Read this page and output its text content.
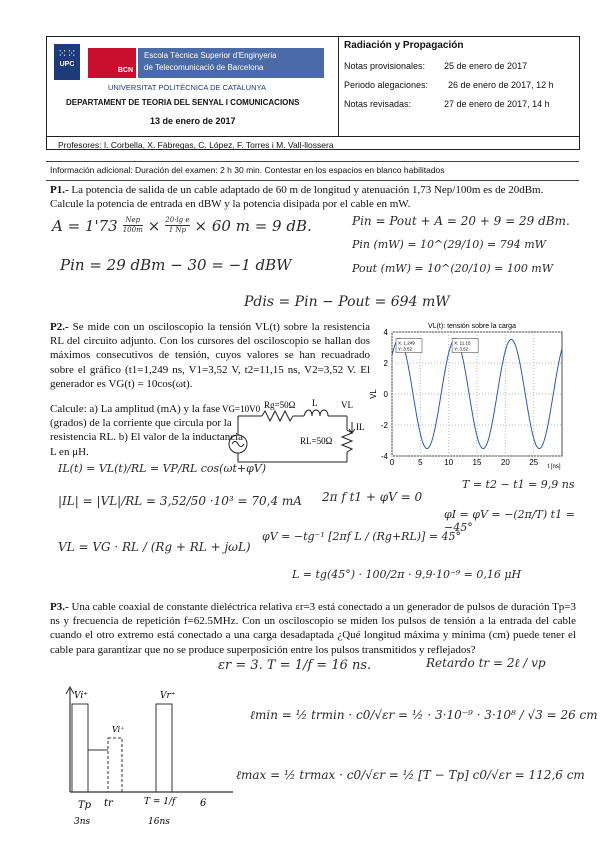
⁙⁙
UPC
BCN
Escola Tècnica Superior d'Enginyeria
de Telecomunicació de Barcelona
UNIVERSITAT POLITÈCNICA DE CATALUNYA
DEPARTAMENT DE TEORIA DEL SENYAL I COMUNICACIONS
13 de enero de 2017
Radiación y Propagación
Notas provisionales: 25 de enero de 2017
Periodo alegaciones: 26 de enero de 2017, 12 h
Notas revisadas:	27 de enero de 2017, 14 h
Profesores: I. Corbella, X. Fàbregas, C. López, F. Torres i M. Vall-llossera
Información adicional: Duración del examen: 2 h 30 min. Contestar en los espacios en blanco habilitados
P1.- La potencia de salida de un cable adaptado de 60 m de longitud y atenuación 1,73 Nep/100m es de 20dBm. Calcule la potencia de entrada en dBW y la potencia disipada por el cable en mW.
A = 1'73	Nep
$100m \times \frac{\text{20·lg e}}{1 Np} \times 60$ m = 9 dB.	Pin = Pout + A = 20 + 9 = 29 dBm.
Pin (mW) = 10^(29/10) = 794 mW
Pout (mW) = 10^(20/10) = 100 mW
Pin = 29 dBm − 30 = −1 dBW
Pdis = Pin − Pout = 694 mW
P2.- Se mide con un osciloscopio la tensión VL(t) sobre la resistencia RL del circuito adjunto. Con los cursores del osciloscopio se hallan dos máximos consecutivos de tensión, cuyos valores se han recuadrado sobre el gráfico (t1=1,249 ns, V1=3,52 V, t2=11,15 ns, V2=3,52 V. El generador es VG(t) = 10cos(ωt).
Calcule: a) La amplitud (mA) y la fase (grados) de la corriente que circula por la resistencia RL. b) El valor de la inductancia L en μH.
VG=10V0 Rg=50Ω L	VL
IL
RL=50Ω
VL(t): tensión sobre la carga
0	5	10 15 20 25
-4
-2
0
2
4
X: 1.249
Y: 3.52
X: 11.15
Y: 3.52
VL
t [ns]
IL(t) = VL(t)/RL = VP/RL cos(ωt+φV)
|IL| = |VL|/RL = 3,52/50 ·10³ = 70,4 mA 2π f t1 + φV = 0
T = t2 − t1 = 9,9 ns
φI = φV = −(2π/T) t1 = −45°
VL = VG · RL / (Rg + RL + jωL)
φV = −tg⁻¹ [2πf L / (Rg+RL)] = 45°
L = tg(45°) · 100/2π · 9,9·10⁻⁹ = 0,16 μH
P3.- Una cable coaxial de constante dieléctrica relativa εr=3 está conectado a un generador de pulsos de duración Tp=3 ns y frecuencia de repetición f=62.5MHz. Con un osciloscopio se miden los pulsos de tensión a la entrada del cable cuando el otro extremo está conectado a una carga desadaptada ¿Qué longitud máxima y mínima (cm) puede tener el cable para garantizar que no se produce superposición entre los pulsos transmitidos y reflejados?
εr = 3. T = 1/f = 16 ns.	Retardo tr = 2ℓ / vp
ℓmin = ½ trmin · c0/√εr = ½ · 3·10⁻⁹ · 3·10⁸ / √3 = 26 cm
ℓmax = ½ trmax · c0/√εr = ½ [T − Tp] c0/√εr = 112,6 cm
Vi⁺	Vr⁺
Vi⁺
Tp tr	T = 1/f 6
3ns	16ns
